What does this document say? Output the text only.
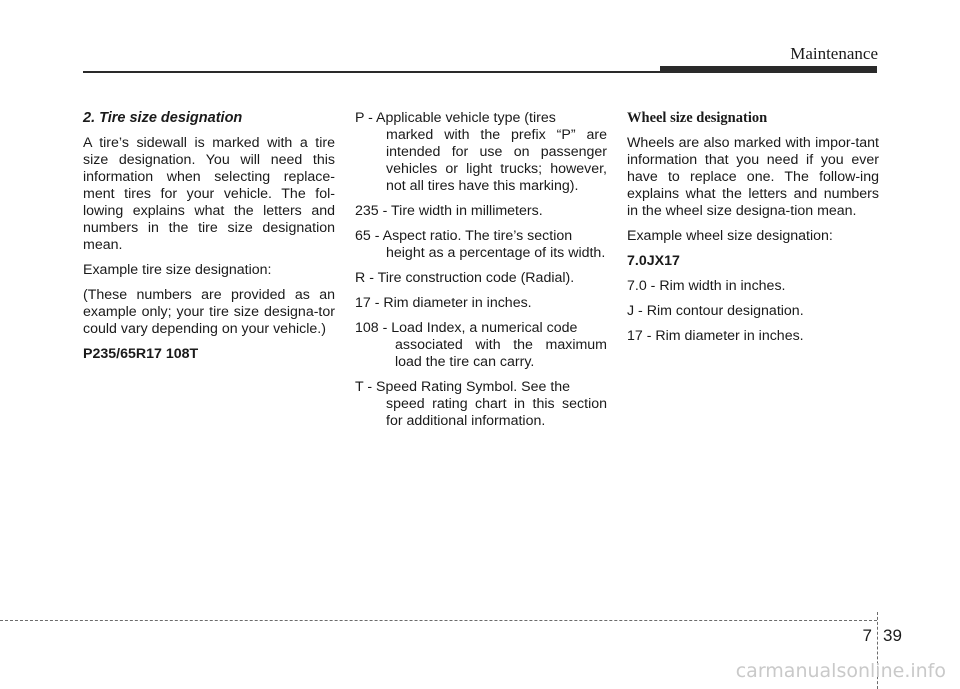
Maintenance

2. Tire size designation

A tire’s sidewall is marked with a tire size designation. You will need this information when selecting replace-ment tires for your vehicle. The fol-lowing explains what the letters and numbers in the tire size designation mean.

Example tire size designation:

(These numbers are provided as an example only; your tire size designa-tor could vary depending on your vehicle.)

P235/65R17 108T

P - Applicable vehicle type (tires
marked with the prefix “P” are intended for use on passenger vehicles or light trucks; however, not all tires have this marking).
235 - Tire width in millimeters.
65 - Aspect ratio. The tire’s section
height as a percentage of its width.
R - Tire construction code (Radial).
17 - Rim diameter in inches.
108 - Load Index, a numerical code
associated with the maximum load the tire can carry.
T - Speed Rating Symbol. See the
speed rating chart in this section for additional information.

Wheel size designation

Wheels are also marked with impor-tant information that you need if you ever have to replace one. The follow-ing explains what the letters and numbers in the wheel size designa-tion mean.

Example wheel size designation:

7.0JX17

7.0 - Rim width in inches.

J - Rim contour designation.

17 - Rim diameter in inches.

7 39
carmanualsonline.info
